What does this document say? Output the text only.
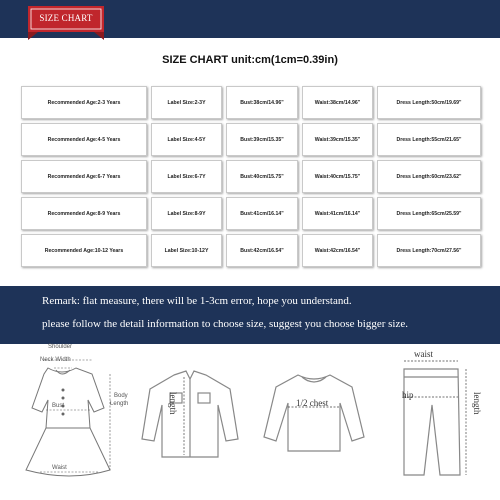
SIZE CHART
SIZE CHART unit:cm(1cm=0.39in)
Recommended Age:2-3 Years	Label Size:2-3Y	Bust:38cm/14.96"	Waist:38cm/14.96"	Dress Length:50cm/19.69"
Recommended Age:4-5 Years	Label Size:4-5Y	Bust:39cm/15.35"	Waist:39cm/15.35"	Dress Length:55cm/21.65"
Recommended Age:6-7 Years	Label Size:6-7Y	Bust:40cm/15.75"	Waist:40cm/15.75"	Dress Length:60cm/23.62"
Recommended Age:8-9 Years	Label Size:8-9Y	Bust:41cm/16.14"	Waist:41cm/16.14"	Dress Length:65cm/25.59"
Recommended Age:10-12 Years	Label Size:10-12Y	Bust:42cm/16.54"	Waist:42cm/16.54"	Dress Length:70cm/27.56"
Remark: flat measure, there will be 1-3cm error, hope you understand.
please follow the detail information to choose size, suggest you choose bigger size.
Shoulder
Neck Width
Bust
Waist
Body
Length	length	1/2 chest
waist
hip	length
